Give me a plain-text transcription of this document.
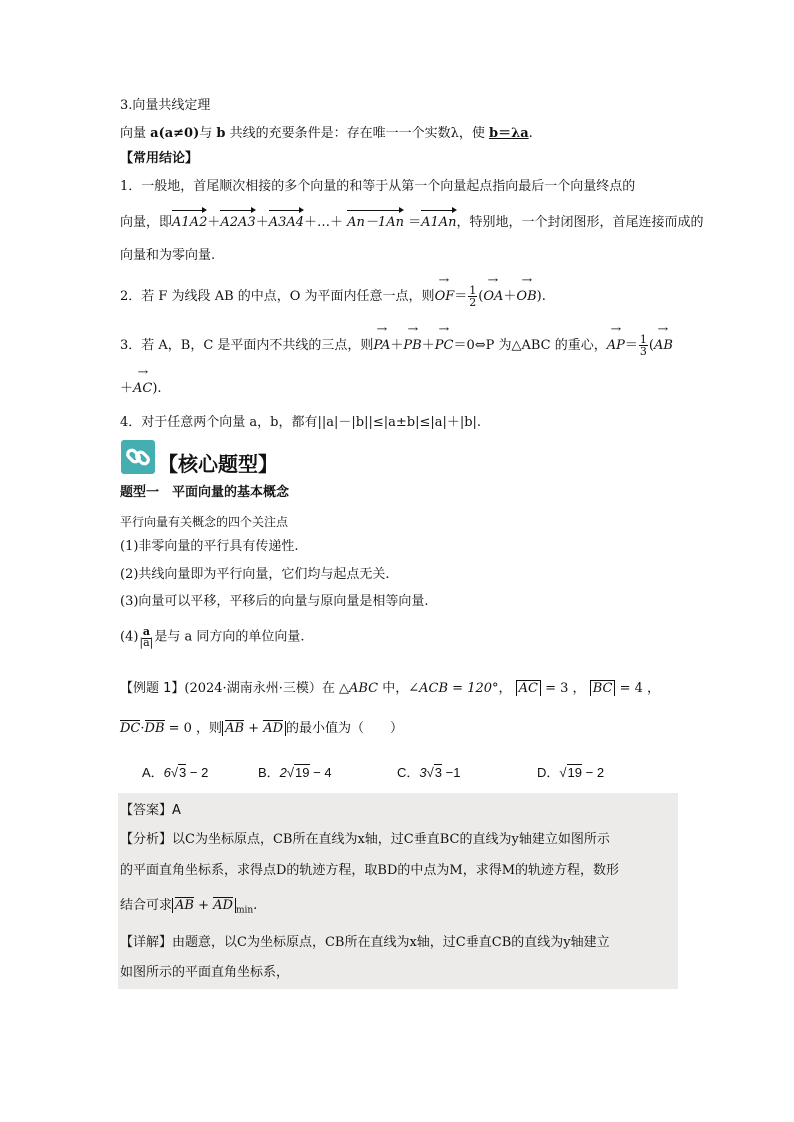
3.向量共线定理
向量 a(a≠0)与 b 共线的充要条件是：存在唯一一个实数λ，使 b＝λa.
【常用结论】
1．一般地，首尾顺次相接的多个向量的和等于从第一个向量起点指向最后一个向量终点的
向量，即A1A2＋A2A3＋A3A4＋…＋ An－1An ＝A1An，特别地，一个封闭图形，首尾连接而成的
向量和为零向量.
2．若 F 为线段 AB 的中点，O 为平面内任意一点，则→ $OF= \frac{1}{2}$ (→ OA＋→ OB).
3．若 A，B，C 是平面内不共线的三点，则→ PA＋→ PB＋→ PC＝0⇔P 为△ABC 的重心，→ $AP= \frac{1}{3}$ (→ AB
＋→ AC).
4．对于任意两个向量 a，b，都有||a|－|b||≤|a±b|≤|a|＋|b|.
【核心题型】
题型一　平面向量的基本概念
平行向量有关概念的四个关注点
(1)非零向量的平行具有传递性.
(2)共线向量即为平行向量，它们均与起点无关.
(3)向量可以平移，平移后的向量与原向量是相等向量.
$(4)\frac{a}{|a|}$ 是与 a 同方向的单位向量.
【例题 1】(2024·湖南永州·三模）在 △ABC 中，∠ACB = 120°， AC = 3 ， BC = 4 ，
DC·DB = 0 ，则 AB + AD 的最小值为（　　）
A．6√3 − 2	B．2√19 − 4	C．3√3 −1	D．√19 − 2
【答案】A
【分析】以C为坐标原点，CB所在直线为x轴，过C垂直BC的直线为y轴建立如图所示
的平面直角坐标系，求得点D的轨迹方程，取BD的中点为M，求得M的轨迹方程，数形
结合可求 AB + AD $_{min}$.
【详解】由题意，以C为坐标原点，CB所在直线为x轴，过C垂直CB的直线为y轴建立
如图所示的平面直角坐标系，
